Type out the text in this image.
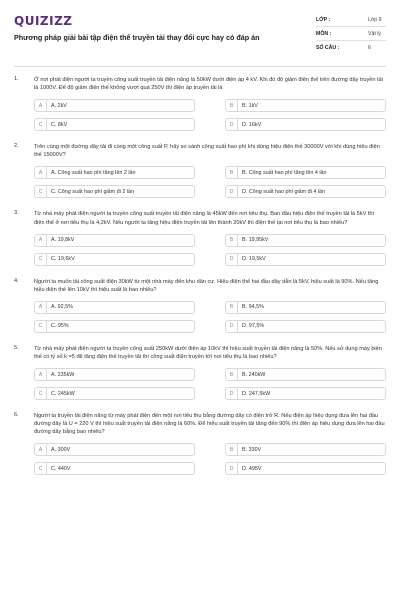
QUIZIZZ
Phương pháp giải bài tập điện thế truyền tải thay đổi cực hay có đáp án
LỚP :	Lớp 9
MÔN :	Vật lý
SỐ CÂU :	6
1.	Ở nơi phát điện người ta truyền công suất truyền tải điện năng là 50kW dưới điện áp 4 kV. Khi đó độ giảm điện thế trên đường dây truyền tải là 1000V. Để độ giảm điện thế không vượt quá 250V thì điện áp truyền tải là
A	A. 2kV	B	B. 1kV
C	C. 8kV	D	D. 16kV
2.	Trên cùng một đường dây tải đi cùng một công suất P, hãy so sánh công suất hao phí khi dùng hiệu điện thế 30000V với khi dùng hiệu điện thế 15000V?
A	A. Công suất hao phí tăng lên 2 lần	B	B. Công suất hao phí tăng lên 4 lần
C	C. Công suất hao phí giảm đi 2 lần	D	D. Công suất hao phí giảm đi 4 lần
3.	Từ nhà máy phát điện người ta truyền công suất truyền tải điện năng là 45kW đến nơi tiêu thụ. Ban đầu hiệu điện thế truyền tải là 5kV thì điện thế ở nơi tiêu thụ là 4,2kV. Nếu người ta tăng hiệu điện truyền tải lên thành 20kV thì điện thế tại nơi tiêu thụ là bao nhiêu?
A	A. 19,8kV	B	B. 19,95kV
C	C. 19,6kV	D	D. 19,5kV
4.	Người ta muốn tải công suất điện 30kW từ một nhà máy đến khu dân cư. Hiệu điện thế hai đầu dây dẫn là 5kV, hiệu suất là 90%. Nếu tăng hiệu điện thế lên 10kV thì hiệu suất là bao nhiêu?
A	A. 92,5%	B	B. 94,5%
C	C. 95%	D	D. 97,5%
5.	Từ nhà máy phát điện người ta truyền công suất 250kW dưới điện áp 10kV thì hiệu suất truyền tải điện năng là 50%. Nếu sử dụng máy biến thế có tỷ số k =5 để tăng điện thế truyền tải thì công suất điện truyền tới nơi tiêu thụ là bao nhiêu?
A	A. 235kW	B	B. 240kW
C	C. 245kW	D	D. 247,5kW
6.	Người ta truyền tải điện năng từ máy phát điện đến một nơi tiêu thụ bằng đường dây có điện trở R. Nếu điện áp hiệu dụng đưa lên hai đầu đường dây là U = 220 V thì hiệu suất truyền tải điện năng là 60%. Để hiệu suất truyền tải tăng đến 90% thì điện áp hiệu dụng đưa lên hai đầu đường dây bằng bao nhiêu?
A	A. 300V	B	B. 330V
C	C. 440V	D	D. 495V
